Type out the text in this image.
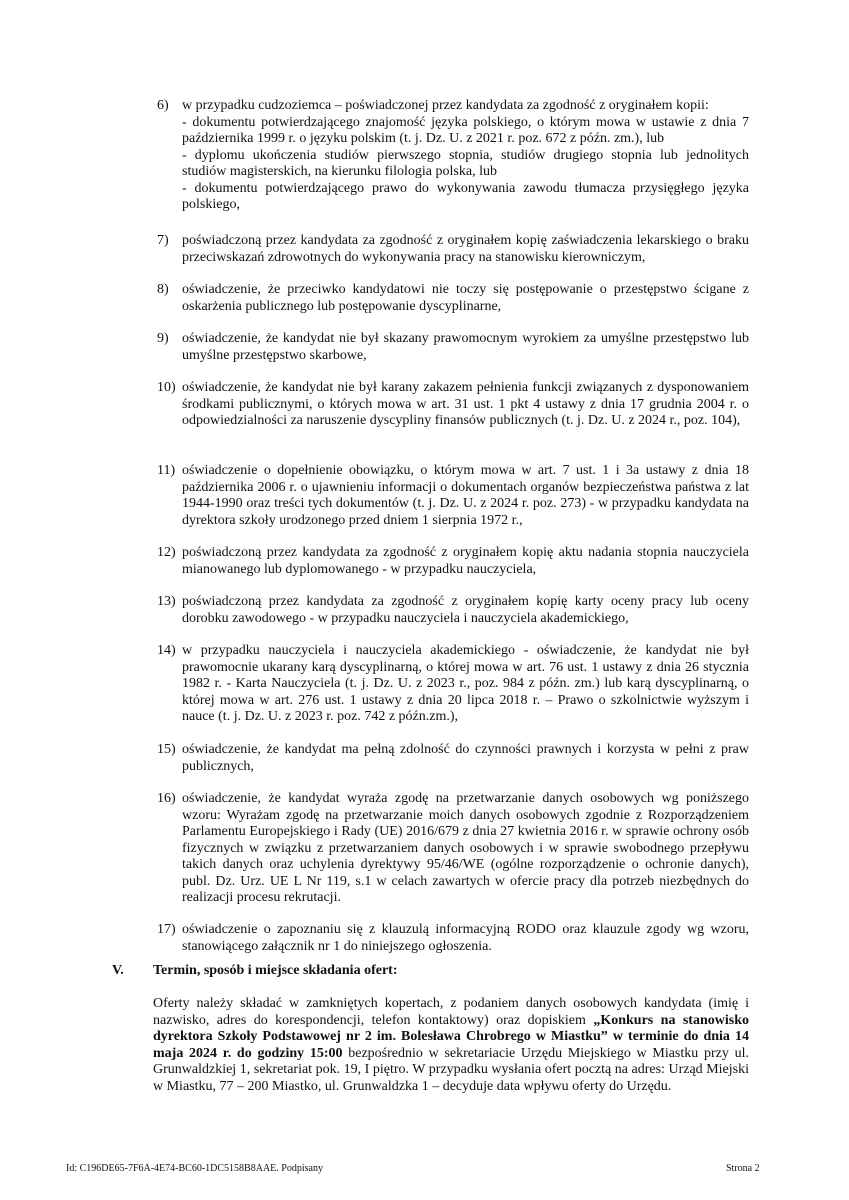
6) w przypadku cudzoziemca – poświadczonej przez kandydata za zgodność z oryginałem kopii:
- dokumentu potwierdzającego znajomość języka polskiego, o którym mowa w ustawie z dnia 7 października 1999 r. o języku polskim (t. j. Dz. U. z 2021 r. poz. 672 z późn. zm.), lub
- dyplomu ukończenia studiów pierwszego stopnia, studiów drugiego stopnia lub jednolitych studiów magisterskich, na kierunku filologia polska, lub
- dokumentu potwierdzającego prawo do wykonywania zawodu tłumacza przysięgłego języka polskiego,
7) poświadczoną przez kandydata za zgodność z oryginałem kopię zaświadczenia lekarskiego o braku przeciwskazań zdrowotnych do wykonywania pracy na stanowisku kierowniczym,
8) oświadczenie, że przeciwko kandydatowi nie toczy się postępowanie o przestępstwo ścigane z oskarżenia publicznego lub postępowanie dyscyplinarne,
9) oświadczenie, że kandydat nie był skazany prawomocnym wyrokiem za umyślne przestępstwo lub umyślne przestępstwo skarbowe,
10) oświadczenie, że kandydat nie był karany zakazem pełnienia funkcji związanych z dysponowaniem środkami publicznymi, o których mowa w art. 31 ust. 1 pkt 4 ustawy z dnia 17 grudnia 2004 r. o odpowiedzialności za naruszenie dyscypliny finansów publicznych (t. j. Dz. U. z 2024 r., poz. 104),
11) oświadczenie o dopełnienie obowiązku, o którym mowa w art. 7 ust. 1 i 3a ustawy z dnia 18 października 2006 r. o ujawnieniu informacji o dokumentach organów bezpieczeństwa państwa z lat 1944-1990 oraz treści tych dokumentów (t. j. Dz. U. z 2024 r. poz. 273) - w przypadku kandydata na dyrektora szkoły urodzonego przed dniem 1 sierpnia 1972 r.,
12) poświadczoną przez kandydata za zgodność z oryginałem kopię aktu nadania stopnia nauczyciela mianowanego lub dyplomowanego - w przypadku nauczyciela,
13) poświadczoną przez kandydata za zgodność z oryginałem kopię karty oceny pracy lub oceny dorobku zawodowego - w przypadku nauczyciela i nauczyciela akademickiego,
14) w przypadku nauczyciela i nauczyciela akademickiego - oświadczenie, że kandydat nie był prawomocnie ukarany karą dyscyplinarną, o której mowa w art. 76 ust. 1 ustawy z dnia 26 stycznia 1982 r. - Karta Nauczyciela (t. j. Dz. U. z 2023 r., poz. 984 z późn. zm.) lub karą dyscyplinarną, o której mowa w art. 276 ust. 1 ustawy z dnia 20 lipca 2018 r. – Prawo o szkolnictwie wyższym i nauce (t. j. Dz. U. z 2023 r. poz. 742 z późn.zm.),
15) oświadczenie, że kandydat ma pełną zdolność do czynności prawnych i korzysta w pełni z praw publicznych,
16) oświadczenie, że kandydat wyraża zgodę na przetwarzanie danych osobowych wg poniższego wzoru: Wyrażam zgodę na przetwarzanie moich danych osobowych zgodnie z Rozporządzeniem Parlamentu Europejskiego i Rady (UE) 2016/679 z dnia 27 kwietnia 2016 r. w sprawie ochrony osób fizycznych w związku z przetwarzaniem danych osobowych i w sprawie swobodnego przepływu takich danych oraz uchylenia dyrektywy 95/46/WE (ogólne rozporządzenie o ochronie danych), publ. Dz. Urz. UE L Nr 119, s.1 w celach zawartych w ofercie pracy dla potrzeb niezbędnych do realizacji procesu rekrutacji.
17) oświadczenie o zapoznaniu się z klauzulą informacyjną RODO oraz klauzule zgody wg wzoru, stanowiącego załącznik nr 1 do niniejszego ogłoszenia.
V. Termin, sposób i miejsce składania ofert:
Oferty należy składać w zamkniętych kopertach, z podaniem danych osobowych kandydata (imię i nazwisko, adres do korespondencji, telefon kontaktowy) oraz dopiskiem „Konkurs na stanowisko dyrektora Szkoły Podstawowej nr 2 im. Bolesława Chrobrego w Miastku” w terminie do dnia 14 maja 2024 r. do godziny 15:00 bezpośrednio w sekretariacie Urzędu Miejskiego w Miastku przy ul. Grunwaldzkiej 1, sekretariat pok. 19, I piętro. W przypadku wysłania ofert pocztą na adres: Urząd Miejski w Miastku, 77 – 200 Miastko, ul. Grunwaldzka 1 – decyduje data wpływu oferty do Urzędu.
Id: C196DE65-7F6A-4E74-BC60-1DC5158B8AAE. Podpisany	Strona 2
